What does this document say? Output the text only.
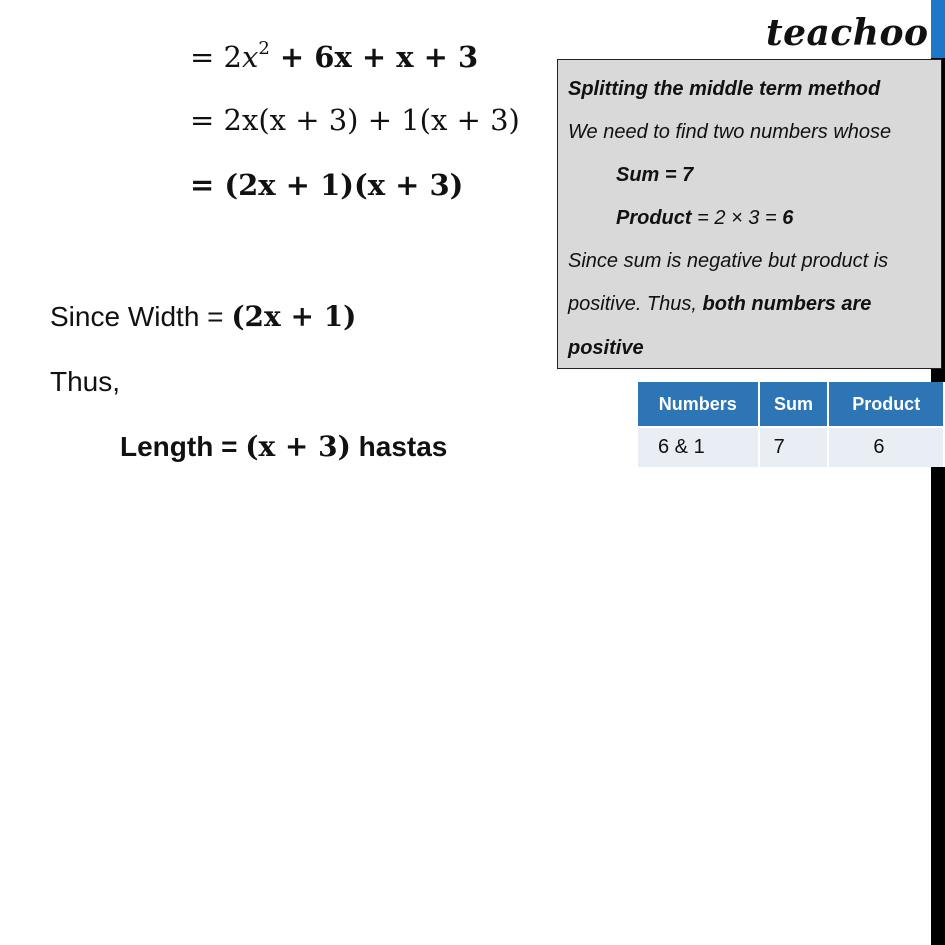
teachoo
= $2x^2 + 6x + x + 3$
= 2x(x + 3) + 1(x + 3)
= (2x + 1)(x + 3)
Since Width = (2x + 1)
Thus,
Length = (x + 3) hastas
Splitting the middle term method
We need to find two numbers whose
Sum = 7
Product = 2 × 3 = 6
Since sum is negative but product is
positive. Thus, both numbers are
positive
Numbers	Sum	Product
6 & 1	7	6
